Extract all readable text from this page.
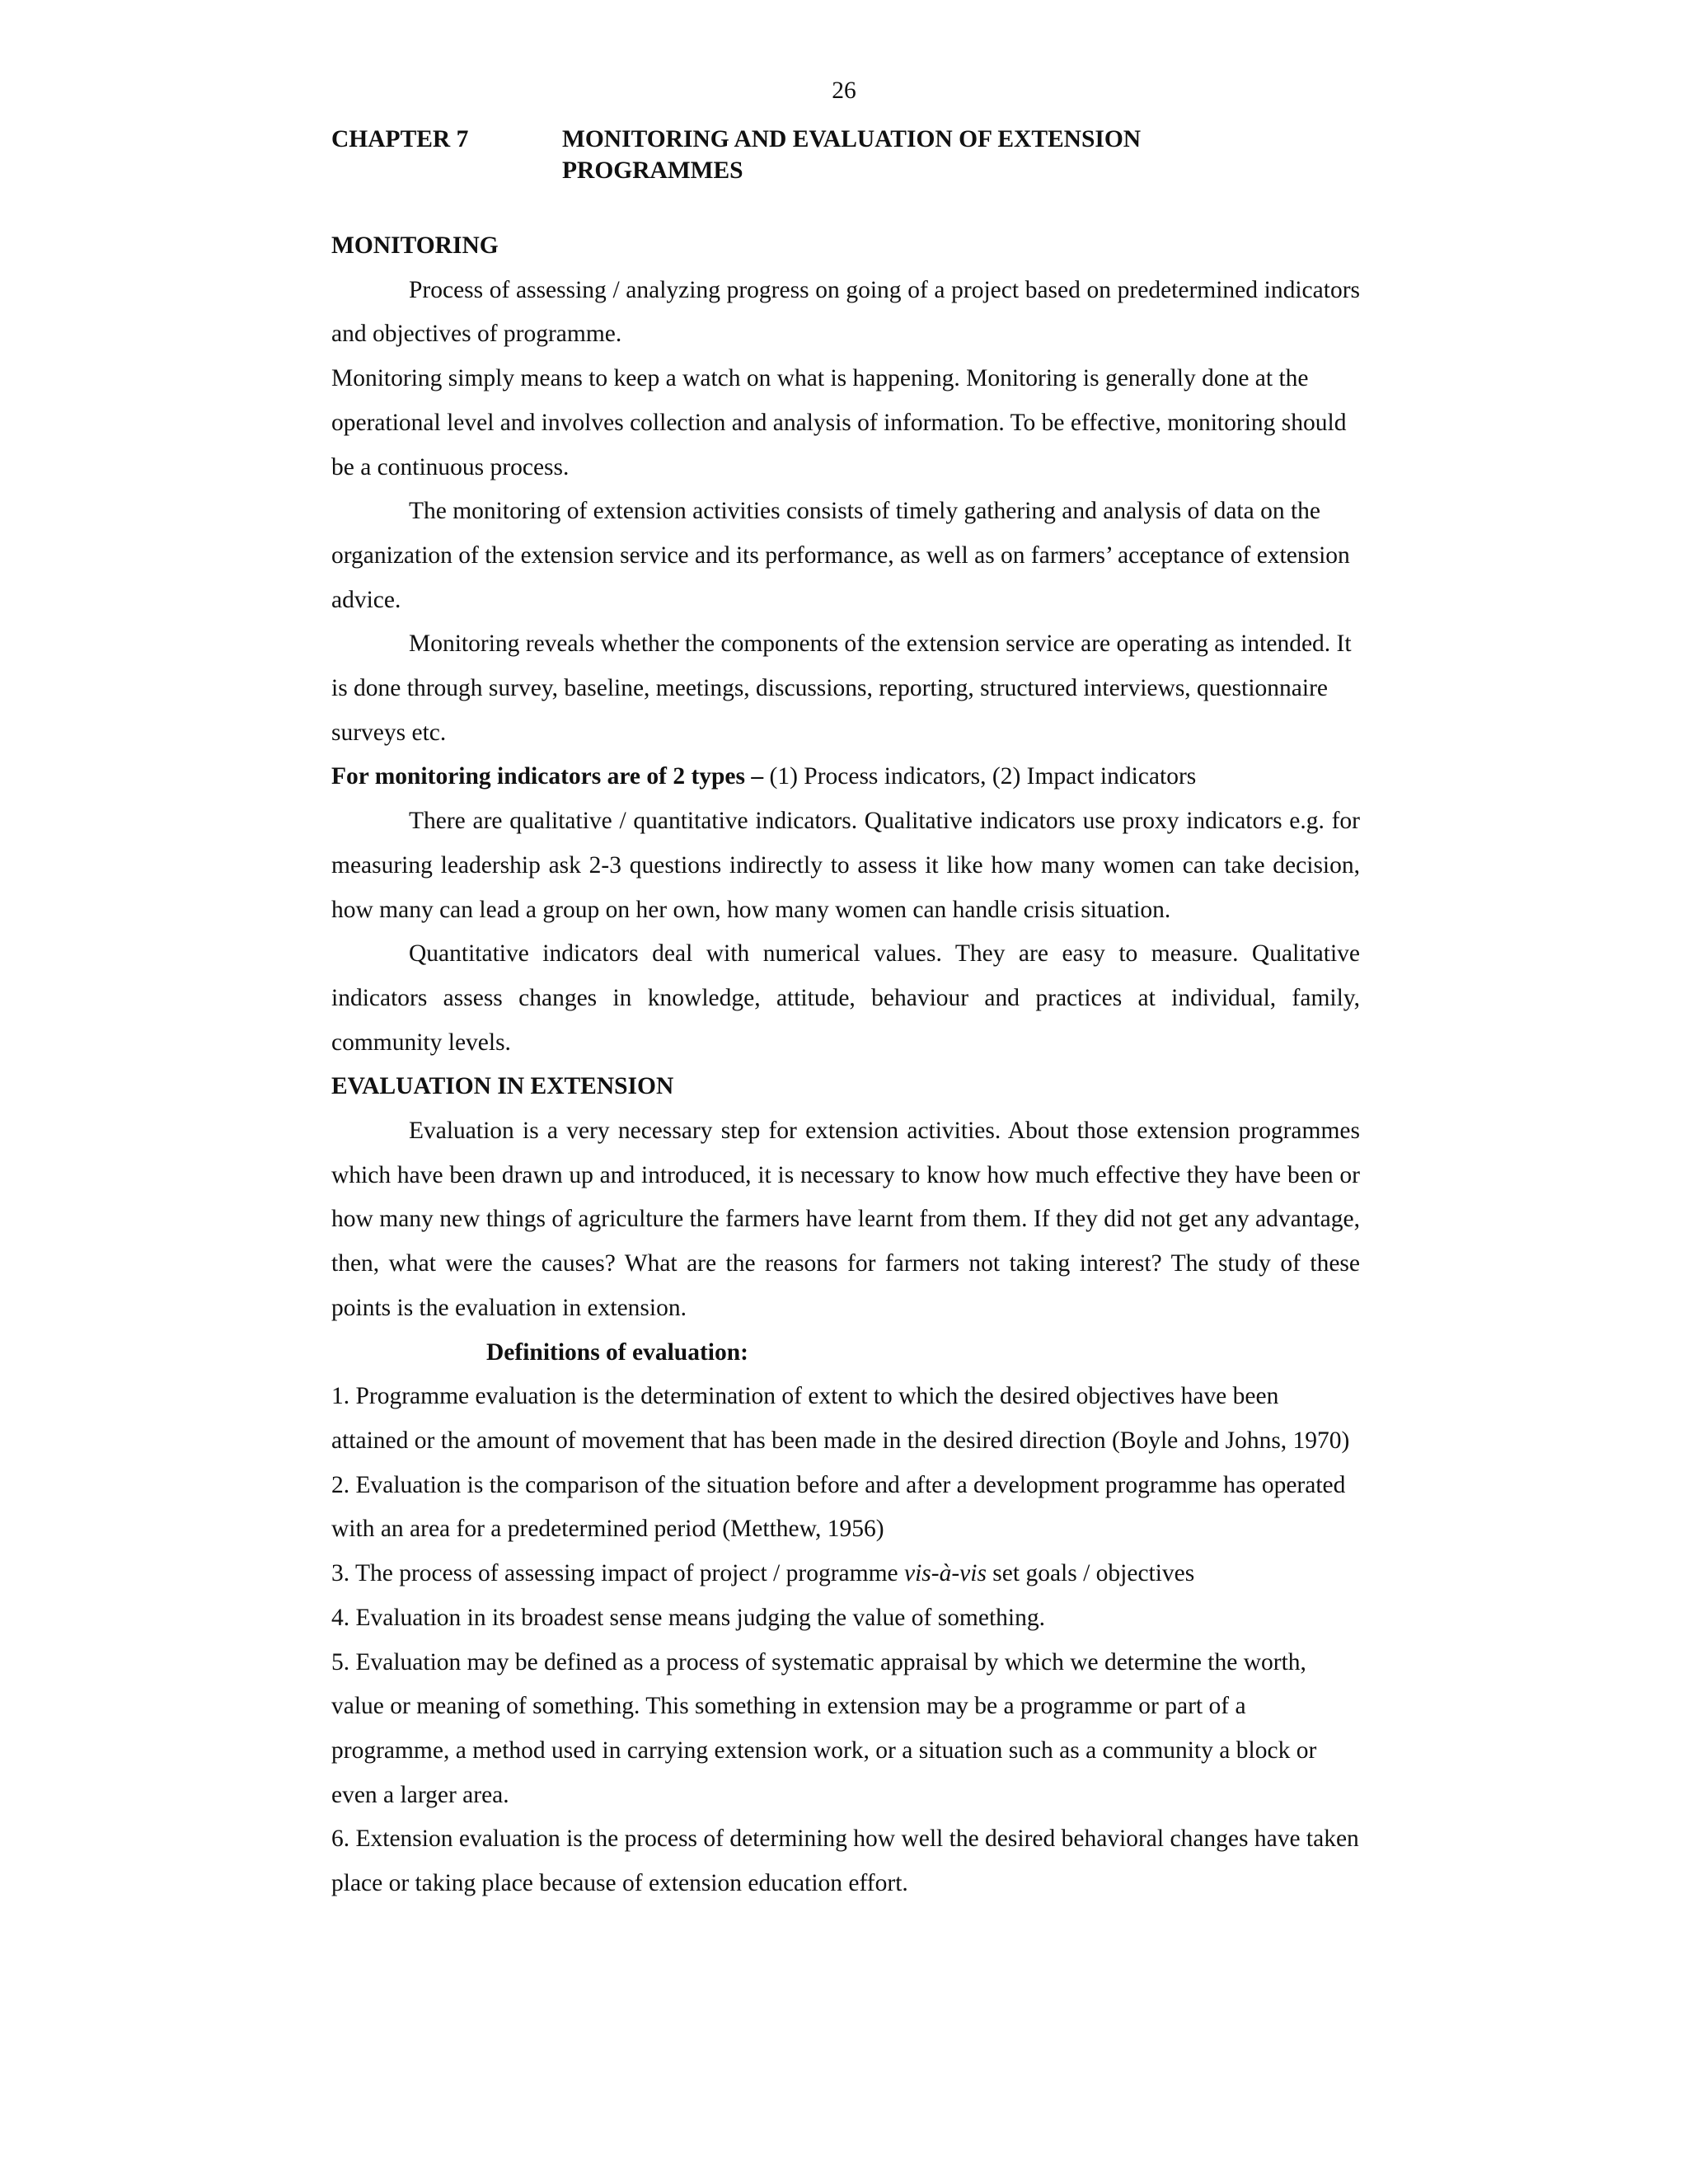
26
CHAPTER 7	MONITORING AND EVALUATION OF EXTENSION
PROGRAMMES

MONITORING

Process of assessing / analyzing progress on going of a project based on predetermined indicators and objectives of programme.

Monitoring simply means to keep a watch on what is happening. Monitoring is generally done at the operational level and involves collection and analysis of information. To be effective, monitoring should be a continuous process.

The monitoring of extension activities consists of timely gathering and analysis of data on the organization of the extension service and its performance, as well as on farmers’ acceptance of extension advice.

Monitoring reveals whether the components of the extension service are operating as intended. It is done through survey, baseline, meetings, discussions, reporting, structured interviews, questionnaire surveys etc.

For monitoring indicators are of 2 types – (1) Process indicators, (2) Impact indicators

There are qualitative / quantitative indicators. Qualitative indicators use proxy indicators e.g. for measuring leadership ask 2-3 questions indirectly to assess it like how many women can take decision, how many can lead a group on her own, how many women can handle crisis situation.

Quantitative indicators deal with numerical values. They are easy to measure. Qualitative indicators assess changes in knowledge, attitude, behaviour and practices at individual, family, community levels.

EVALUATION IN EXTENSION

Evaluation is a very necessary step for extension activities. About those extension programmes which have been drawn up and introduced, it is necessary to know how much effective they have been or how many new things of agriculture the farmers have learnt from them. If they did not get any advantage, then, what were the causes? What are the reasons for farmers not taking interest? The study of these points is the evaluation in extension.

Definitions of evaluation:

1. Programme evaluation is the determination of extent to which the desired objectives have been attained or the amount of movement that has been made in the desired direction (Boyle and Johns, 1970)

2. Evaluation is the comparison of the situation before and after a development programme has operated with an area for a predetermined period (Metthew, 1956)

3. The process of assessing impact of project / programme vis-à-vis set goals / objectives

4. Evaluation in its broadest sense means judging the value of something.

5. Evaluation may be defined as a process of systematic appraisal by which we determine the worth, value or meaning of something. This something in extension may be a programme or part of a programme, a method used in carrying extension work, or a situation such as a community a block or even a larger area.

6. Extension evaluation is the process of determining how well the desired behavioral changes have taken place or taking place because of extension education effort.
